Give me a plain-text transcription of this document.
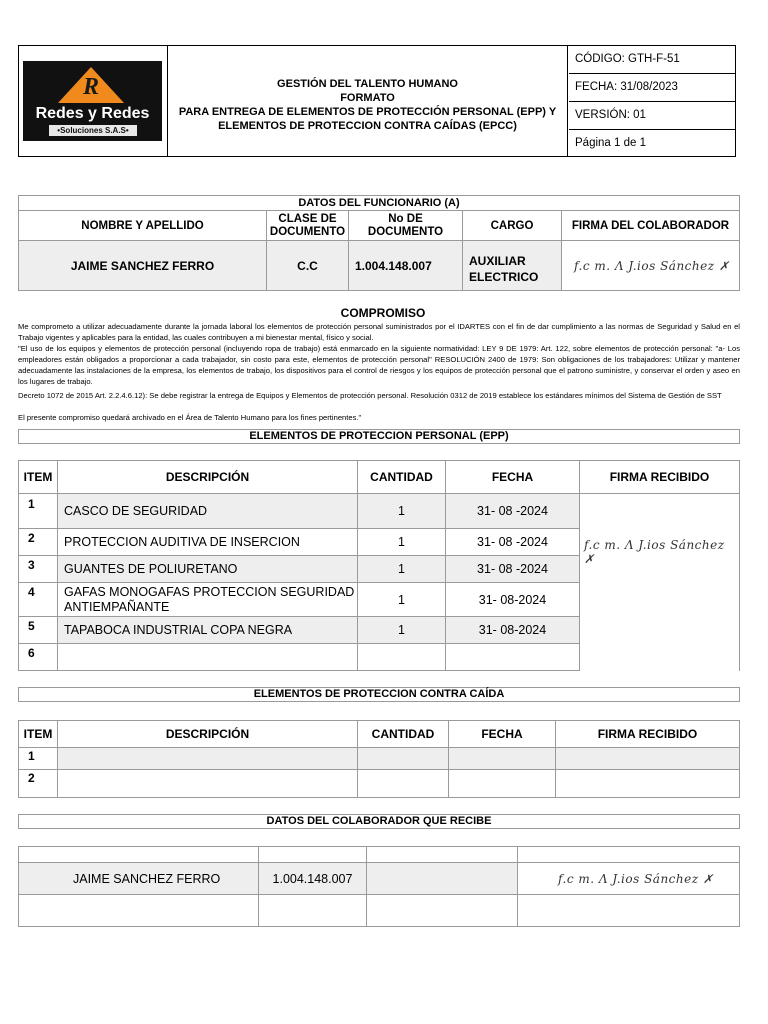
R
Redes y Redes
•Soluciones S.A.S•
GESTIÓN DEL TALENTO HUMANO
FORMATO
PARA ENTREGA DE ELEMENTOS DE PROTECCIÓN PERSONAL (EPP) Y
ELEMENTOS DE PROTECCION CONTRA CAÍDAS (EPCC)
CÓDIGO: GTH-F-51
FECHA: 31/08/2023
VERSIÓN: 01
Página 1 de 1
DATOS DEL FUNCIONARIO (A)				
NOMBRE Y APELLIDO	CLASE DE DOCUMENTO	No DE DOCUMENTO	CARGO	FIRMA DEL COLABORADOR
JAIME SANCHEZ FERRO	C.C	1.004.148.007	AUXILIAR ELECTRICO	f.c m. Λ J.ios Sánchez ✗
COMPROMISO
Me comprometo a utilizar adecuadamente durante la jornada laboral los elementos de protección personal suministrados por el IDARTES con el fin de dar cumplimiento a las normas de Seguridad y Salud en el Trabajo vigentes y aplicables para la entidad, las cuales contribuyen a mi bienestar mental, físico y social.
"El uso de los equipos y elementos de protección personal (incluyendo ropa de trabajo) está enmarcado en la siguiente normatividad: LEY 9 DE 1979: Art. 122, sobre elementos de protección personal: "a- Los empleadores están obligados a proporcionar a cada trabajador, sin costo para este, elementos de protección personal" RESOLUCIÓN 2400 de 1979: Son obligaciones de los trabajadores: Utilizar y mantener adecuadamente las instalaciones de la empresa, los elementos de trabajo, los dispositivos para el control de riesgos y los equipos de protección personal que el patrono suministre, y conservar el orden y aseo en los lugares de trabajo.
Decreto 1072 de 2015 Art. 2.2.4.6.12): Se debe registrar la entrega de Equipos y Elementos de protección personal. Resolución 0312 de 2019 establece los estándares mínimos del Sistema de Gestión de SST
El presente compromiso quedará archivado en el Área de Talento Humano para los fines pertinentes."
ELEMENTOS DE PROTECCION PERSONAL (EPP)
ITEM	DESCRIPCIÓN	CANTIDAD	FECHA	FIRMA RECIBIDO
1	CASCO DE SEGURIDAD	1	31- 08 -2024	f.c m. Λ J.ios Sánchez ✗

2	PROTECCION AUDITIVA DE INSERCION	1	31- 08 -2024	
3	GUANTES DE POLIURETANO	1	31- 08 -2024	
4	GAFAS MONOGAFAS PROTECCION SEGURIDAD ANTIEMPAÑANTE	1	31- 08-2024	
5	TAPABOCA INDUSTRIAL COPA NEGRA	1	31- 08-2024	
6				
ELEMENTOS DE PROTECCION CONTRA CAÍDA
ITEM	DESCRIPCIÓN	CANTIDAD	FECHA	FIRMA RECIBIDO
1				
2				
DATOS DEL COLABORADOR QUE RECIBE

JAIME SANCHEZ FERRO	1.004.148.007		f.c m. Λ J.ios Sánchez ✗
